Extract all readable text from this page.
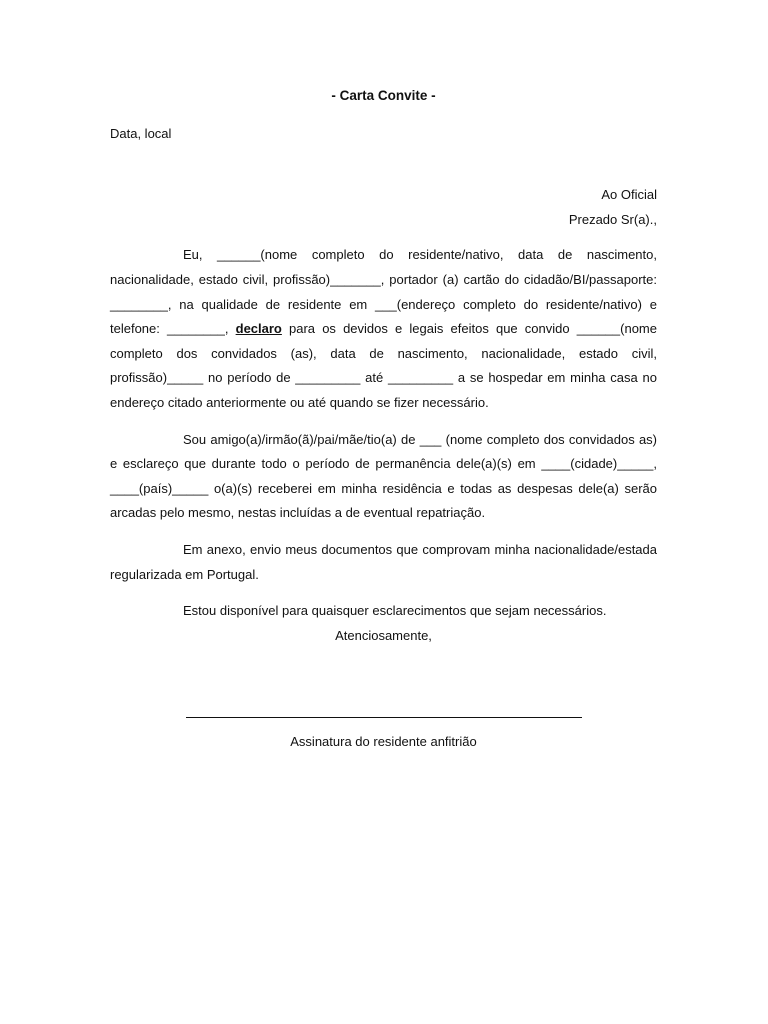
- Carta Convite -
Data, local
Ao Oficial
Prezado Sr(a).,

Eu, ______(nome completo do residente/nativo, data de nascimento, nacionalidade, estado civil, profissão)_______, portador (a) cartão do cidadão/BI/passaporte: ________, na qualidade de residente em ___(endereço completo do residente/nativo) e telefone: ________, declaro para os devidos e legais efeitos que convido ______(nome completo dos convidados (as), data de nascimento, nacionalidade, estado civil, profissão)_____ no período de _________ até _________ a se hospedar em minha casa no endereço citado anteriormente ou até quando se fizer necessário.

Sou amigo(a)/irmão(ã)/pai/mãe/tio(a) de ___ (nome completo dos convidados as) e esclareço que durante todo o período de permanência dele(a)(s) em ____(cidade)_____, ____(país)_____ o(a)(s) receberei em minha residência e todas as despesas dele(a) serão arcadas pelo mesmo, nestas incluídas a de eventual repatriação.

Em anexo, envio meus documentos que comprovam minha nacionalidade/estada regularizada em Portugal.

Estou disponível para quaisquer esclarecimentos que sejam necessários.

Atenciosamente,

Assinatura do residente anfitrião
